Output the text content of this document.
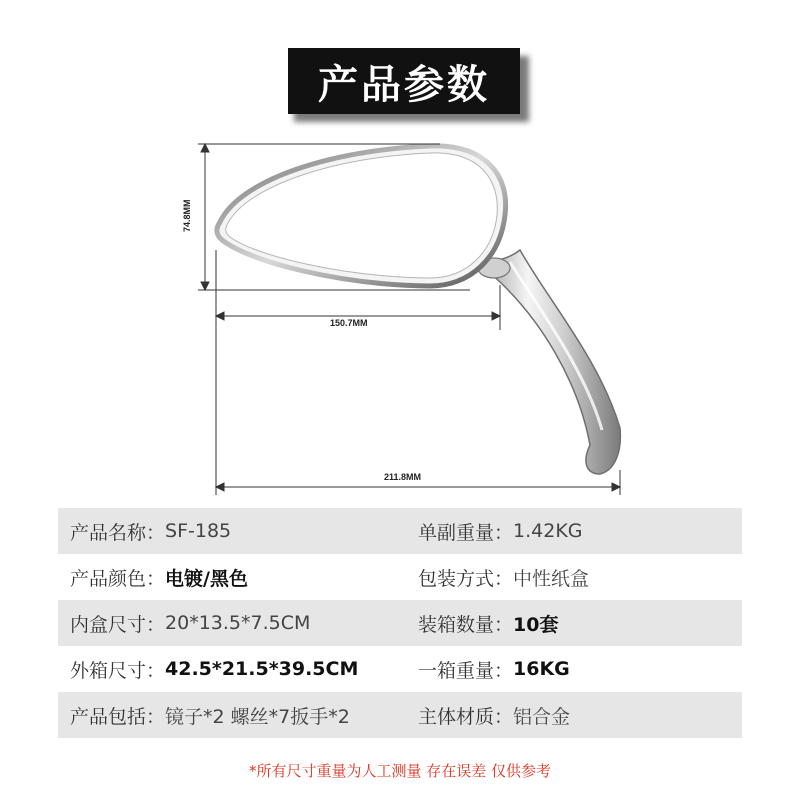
产品参数
74.8MM
150.7MM
211.8MM
产品名称： SF-185	单副重量： 1.42KG
产品颜色： 电镀/黑色	包装方式： 中性纸盒
内盒尺寸： 20*13.5*7.5CM	装箱数量： 10套
外箱尺寸： 42.5*21.5*39.5CM	一箱重量： 16KG
产品包括： 镜子*2 螺丝*7扳手*2	主体材质： 铝合金
*所有尺寸重量为人工测量 存在误差 仅供参考
